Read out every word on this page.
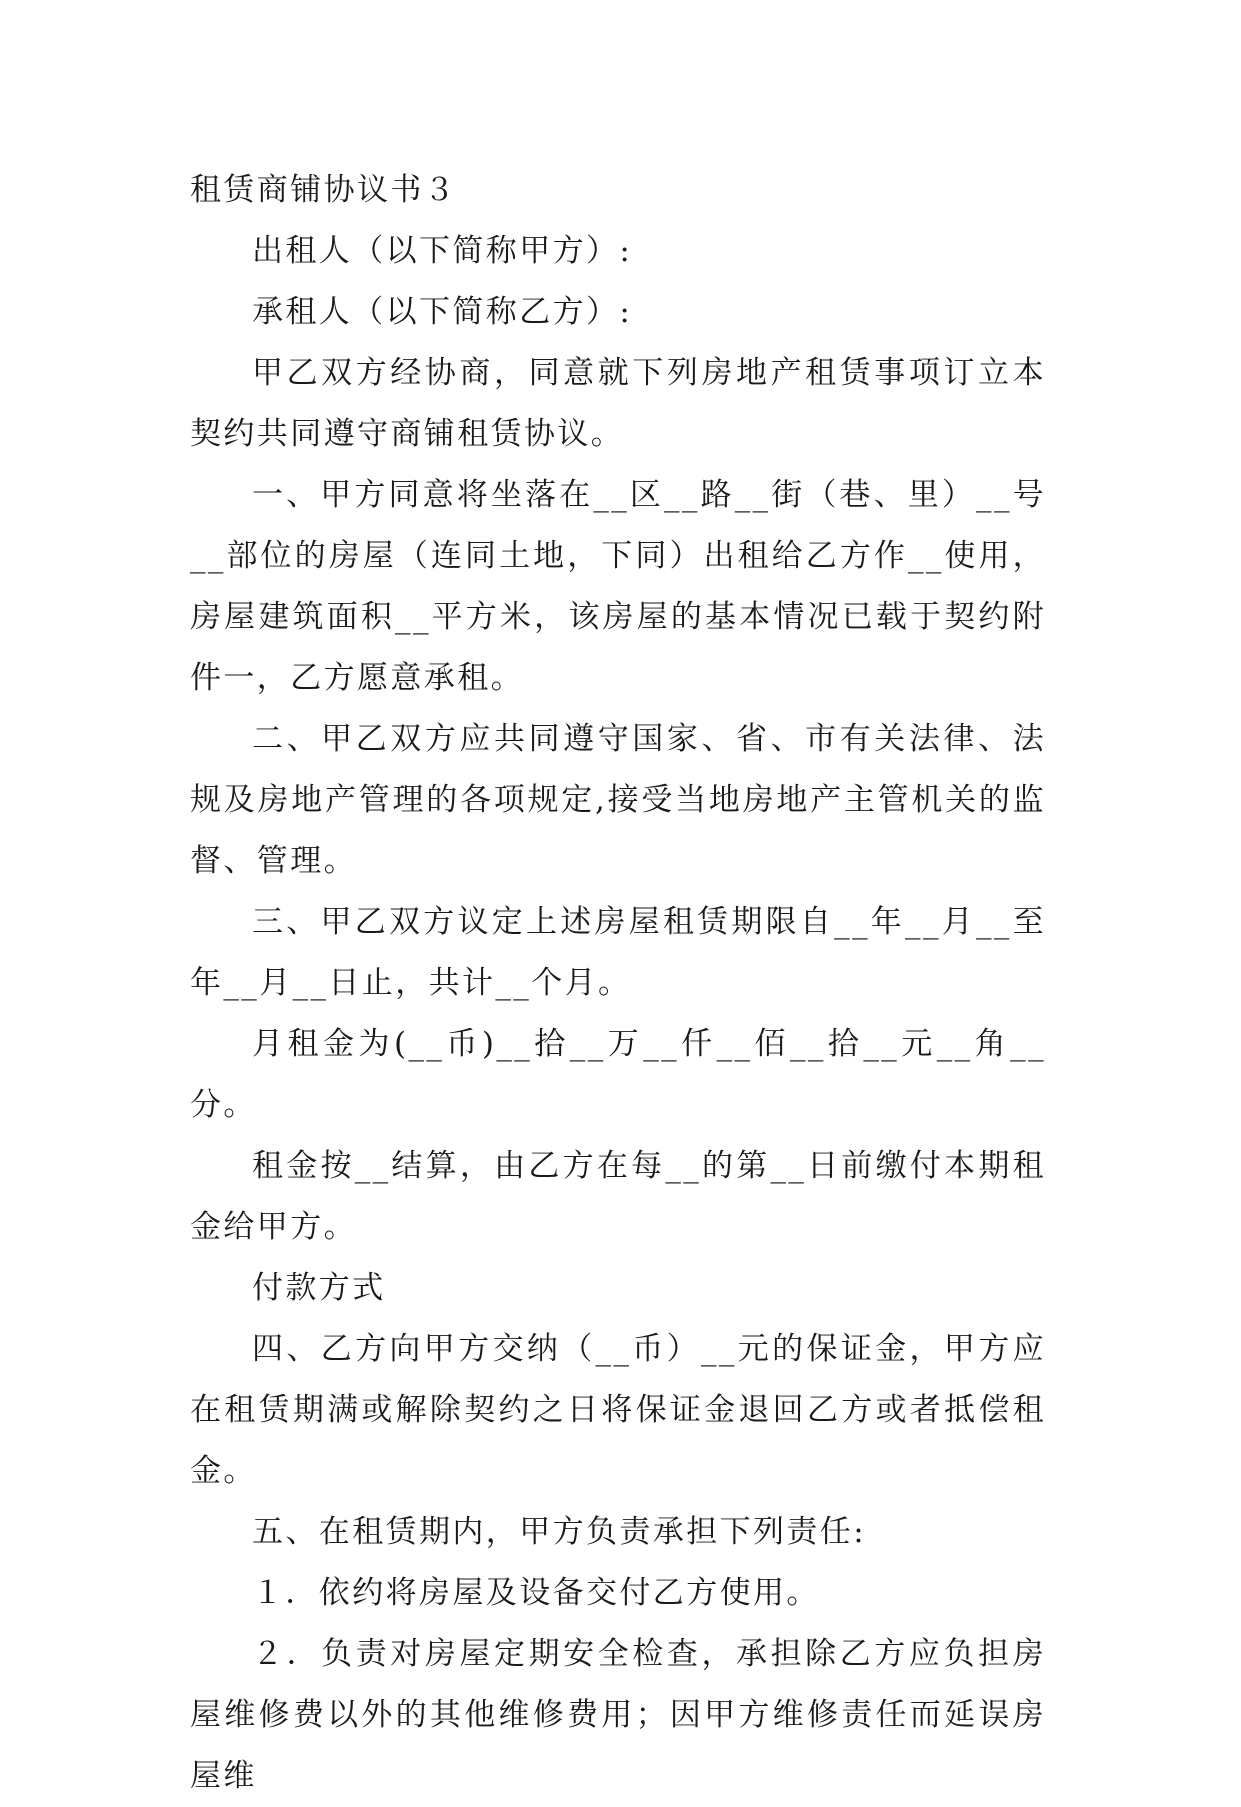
租赁商铺协议书３

出租人（以下简称甲方）:

承租人（以下简称乙方）:

甲乙双方经协商，同意就下列房地产租赁事项订立本契约共同遵守商铺租赁协议。

一、甲方同意将坐落在__区__路__街（巷、里）__号__部位的房屋（连同土地，下同）出租给乙方作__使用，房屋建筑面积__平方米，该房屋的基本情况已载于契约附件一，乙方愿意承租。

二、甲乙双方应共同遵守国家、省、市有关法律、法规及房地产管理的各项规定,接受当地房地产主管机关的监督、管理。

三、甲乙双方议定上述房屋租赁期限自__年__月__至年__月__日止，共计__个月。

月租金为(__币)__拾__万__仟__佰__拾__元__角__分。

租金按__结算，由乙方在每__的第__日前缴付本期租金给甲方。

付款方式

四、乙方向甲方交纳（__币）__元的保证金，甲方应在租赁期满或解除契约之日将保证金退回乙方或者抵偿租金。

五、在租赁期内，甲方负责承担下列责任:

１．依约将房屋及设备交付乙方使用。

２．负责对房屋定期安全检查，承担除乙方应负担房屋维修费以外的其他维修费用；因甲方维修责任而延误房屋维
